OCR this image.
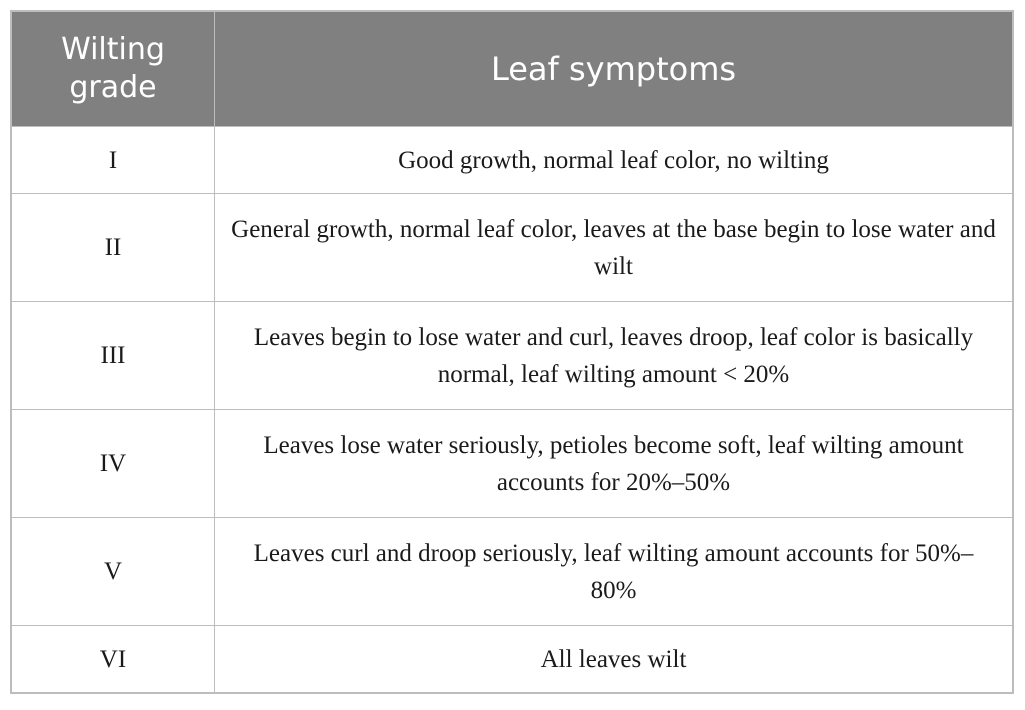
Wilting
grade	Leaf symptoms
I	Good growth, normal leaf color, no wilting
II	General growth, normal leaf color, leaves at the base begin to lose water and wilt
III	Leaves begin to lose water and curl, leaves droop, leaf color is basically normal, leaf wilting amount < 20%
IV	Leaves lose water seriously, petioles become soft, leaf wilting amount accounts for 20%–50%
V	Leaves curl and droop seriously, leaf wilting amount accounts for 50%–80%
VI	All leaves wilt
